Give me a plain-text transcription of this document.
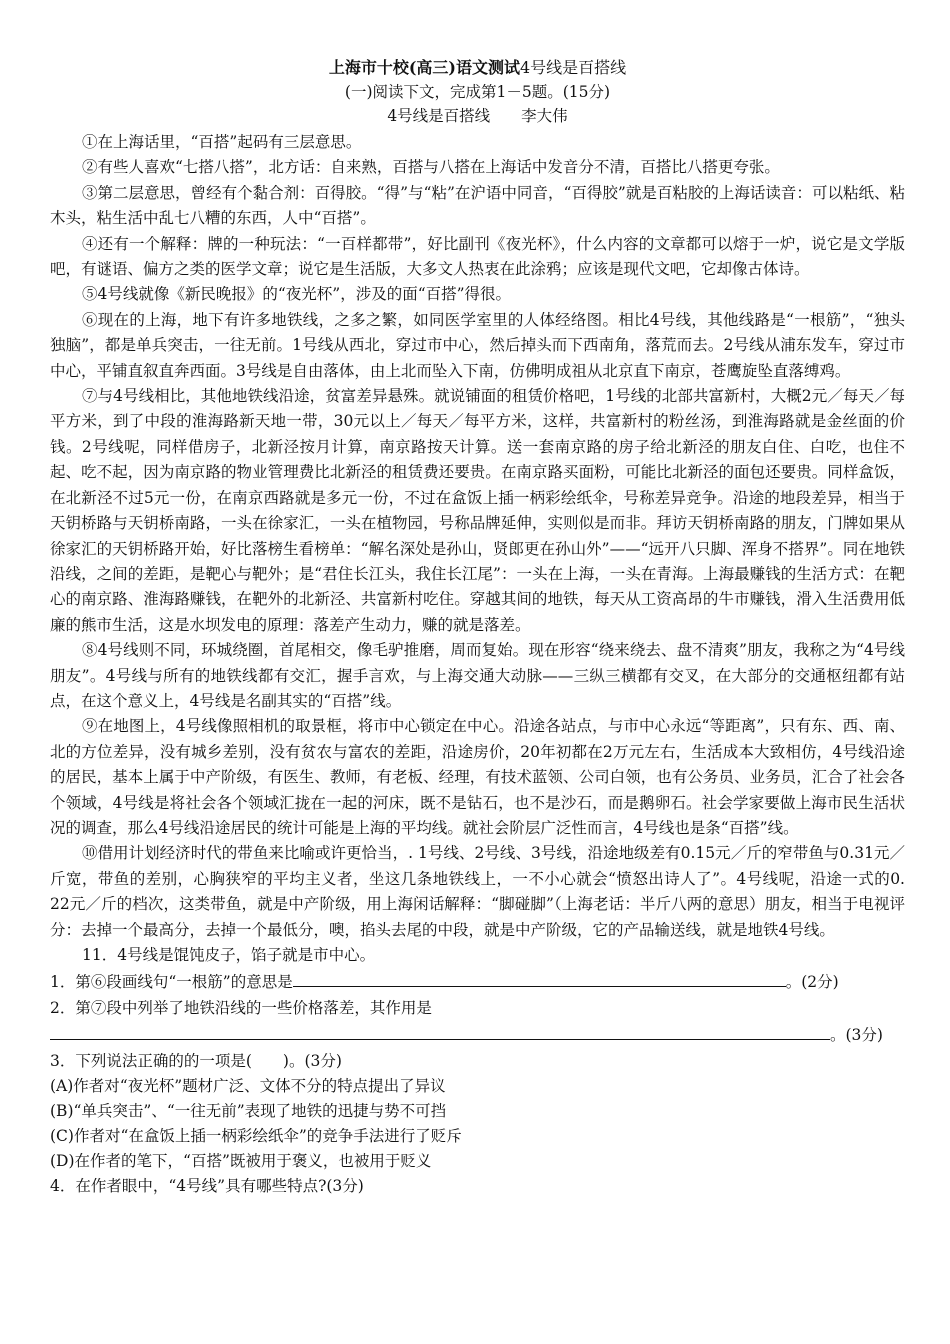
上海市十校(高三)语文测试4号线是百搭线
(一)阅读下文，完成第1－5题。(15分)
4号线是百搭线　　李大伟

①在上海话里，“百搭”起码有三层意思。

②有些人喜欢“七搭八搭”，北方话：自来熟，百搭与八搭在上海话中发音分不清，百搭比八搭更夸张。

③第二层意思，曾经有个黏合剂：百得胶。“得”与“粘”在沪语中同音，“百得胶”就是百粘胶的上海话读音：可以粘纸、粘木头，粘生活中乱七八糟的东西，人中“百搭”。

④还有一个解释：牌的一种玩法：“一百样都带”，好比副刊《夜光杯》，什么内容的文章都可以熔于一炉，说它是文学版吧，有谜语、偏方之类的医学文章；说它是生活版，大多文人热衷在此涂鸦；应该是现代文吧，它却像古体诗。

⑤4号线就像《新民晚报》的“夜光杯”，涉及的面“百搭”得很。

⑥现在的上海，地下有许多地铁线，之多之繁，如同医学室里的人体经络图。相比4号线，其他线路是“一根筋”，“独头独脑”，都是单兵突击，一往无前。1号线从西北，穿过市中心，然后掉头而下西南角，落荒而去。2号线从浦东发车，穿过市中心，平铺直叙直奔西面。3号线是自由落体，由上北而坠入下南，仿佛明成祖从北京直下南京，苍鹰旋坠直落缚鸡。

⑦与4号线相比，其他地铁线沿途，贫富差异悬殊。就说铺面的租赁价格吧，1号线的北部共富新村，大概2元／每天／每平方米，到了中段的淮海路新天地一带，30元以上／每天／每平方米，这样，共富新村的粉丝汤，到淮海路就是金丝面的价钱。2号线呢，同样借房子，北新泾按月计算，南京路按天计算。送一套南京路的房子给北新泾的朋友白住、白吃，也住不起、吃不起，因为南京路的物业管理费比北新泾的租赁费还要贵。在南京路买面粉，可能比北新泾的面包还要贵。同样盒饭，在北新泾不过5元一份，在南京西路就是多元一份，不过在盒饭上插一柄彩绘纸伞，号称差异竞争。沿途的地段差异，相当于天钥桥路与天钥桥南路，一头在徐家汇，一头在植物园，号称品牌延伸，实则似是而非。拜访天钥桥南路的朋友，门牌如果从徐家汇的天钥桥路开始，好比落榜生看榜单：“解名深处是孙山，贤郎更在孙山外”——“远开八只脚、浑身不搭界”。同在地铁沿线，之间的差距，是靶心与靶外；是“君住长江头，我住长江尾”：一头在上海，一头在青海。上海最赚钱的生活方式：在靶心的南京路、淮海路赚钱，在靶外的北新泾、共富新村吃住。穿越其间的地铁，每天从工资高昂的牛市赚钱，滑入生活费用低廉的熊市生活，这是水坝发电的原理：落差产生动力，赚的就是落差。

⑧4号线则不同，环城绕圈，首尾相交，像毛驴推磨，周而复始。现在形容“绕来绕去、盘不清爽”朋友，我称之为“4号线朋友”。4号线与所有的地铁线都有交汇，握手言欢，与上海交通大动脉——三纵三横都有交叉，在大部分的交通枢纽都有站点，在这个意义上，4号线是名副其实的“百搭”线。

⑨在地图上，4号线像照相机的取景框，将市中心锁定在中心。沿途各站点，与市中心永远“等距离”，只有东、西、南、北的方位差异，没有城乡差别，没有贫农与富农的差距，沿途房价，20年初都在2万元左右，生活成本大致相仿，4号线沿途的居民，基本上属于中产阶级，有医生、教师，有老板、经理，有技术蓝领、公司白领，也有公务员、业务员，汇合了社会各个领域，4号线是将社会各个领域汇拢在一起的河床，既不是钻石，也不是沙石，而是鹅卵石。社会学家要做上海市民生活状况的调查，那么4号线沿途居民的统计可能是上海的平均线。就社会阶层广泛性而言，4号线也是条“百搭”线。

⑩借用计划经济时代的带鱼来比喻或许更恰当，. 1号线、2号线、3号线，沿途地级差有0.15元／斤的窄带鱼与0.31元／斤宽，带鱼的差别，心胸狭窄的平均主义者，坐这几条地铁线上，一不小心就会“愤怒出诗人了”。4号线呢，沿途一式的0. 22元／斤的档次，这类带鱼，就是中产阶级，用上海闲话解释：“脚碰脚”（上海老话：半斤八两的意思）朋友，相当于电视评分：去掉一个最高分，去掉一个最低分，噢，掐头去尾的中段，就是中产阶级，它的产品输送线，就是地铁4号线。

11．4号线是馄饨皮子，馅子就是市中心。

1．第⑥段画线句“一根筋”的意思是	。(2分)

2．第⑦段中列举了地铁沿线的一些价格落差，其作用是

。(3分)

3．下列说法正确的的一项是(　　)。(3分)

(A)作者对“夜光杯”题材广泛、文体不分的特点提出了异议

(B)“单兵突击”、“一往无前”表现了地铁的迅捷与势不可挡

(C)作者对“在盒饭上插一柄彩绘纸伞”的竞争手法进行了贬斥

(D)在作者的笔下，“百搭”既被用于褒义，也被用于贬义

4．在作者眼中，“4号线”具有哪些特点?(3分)
